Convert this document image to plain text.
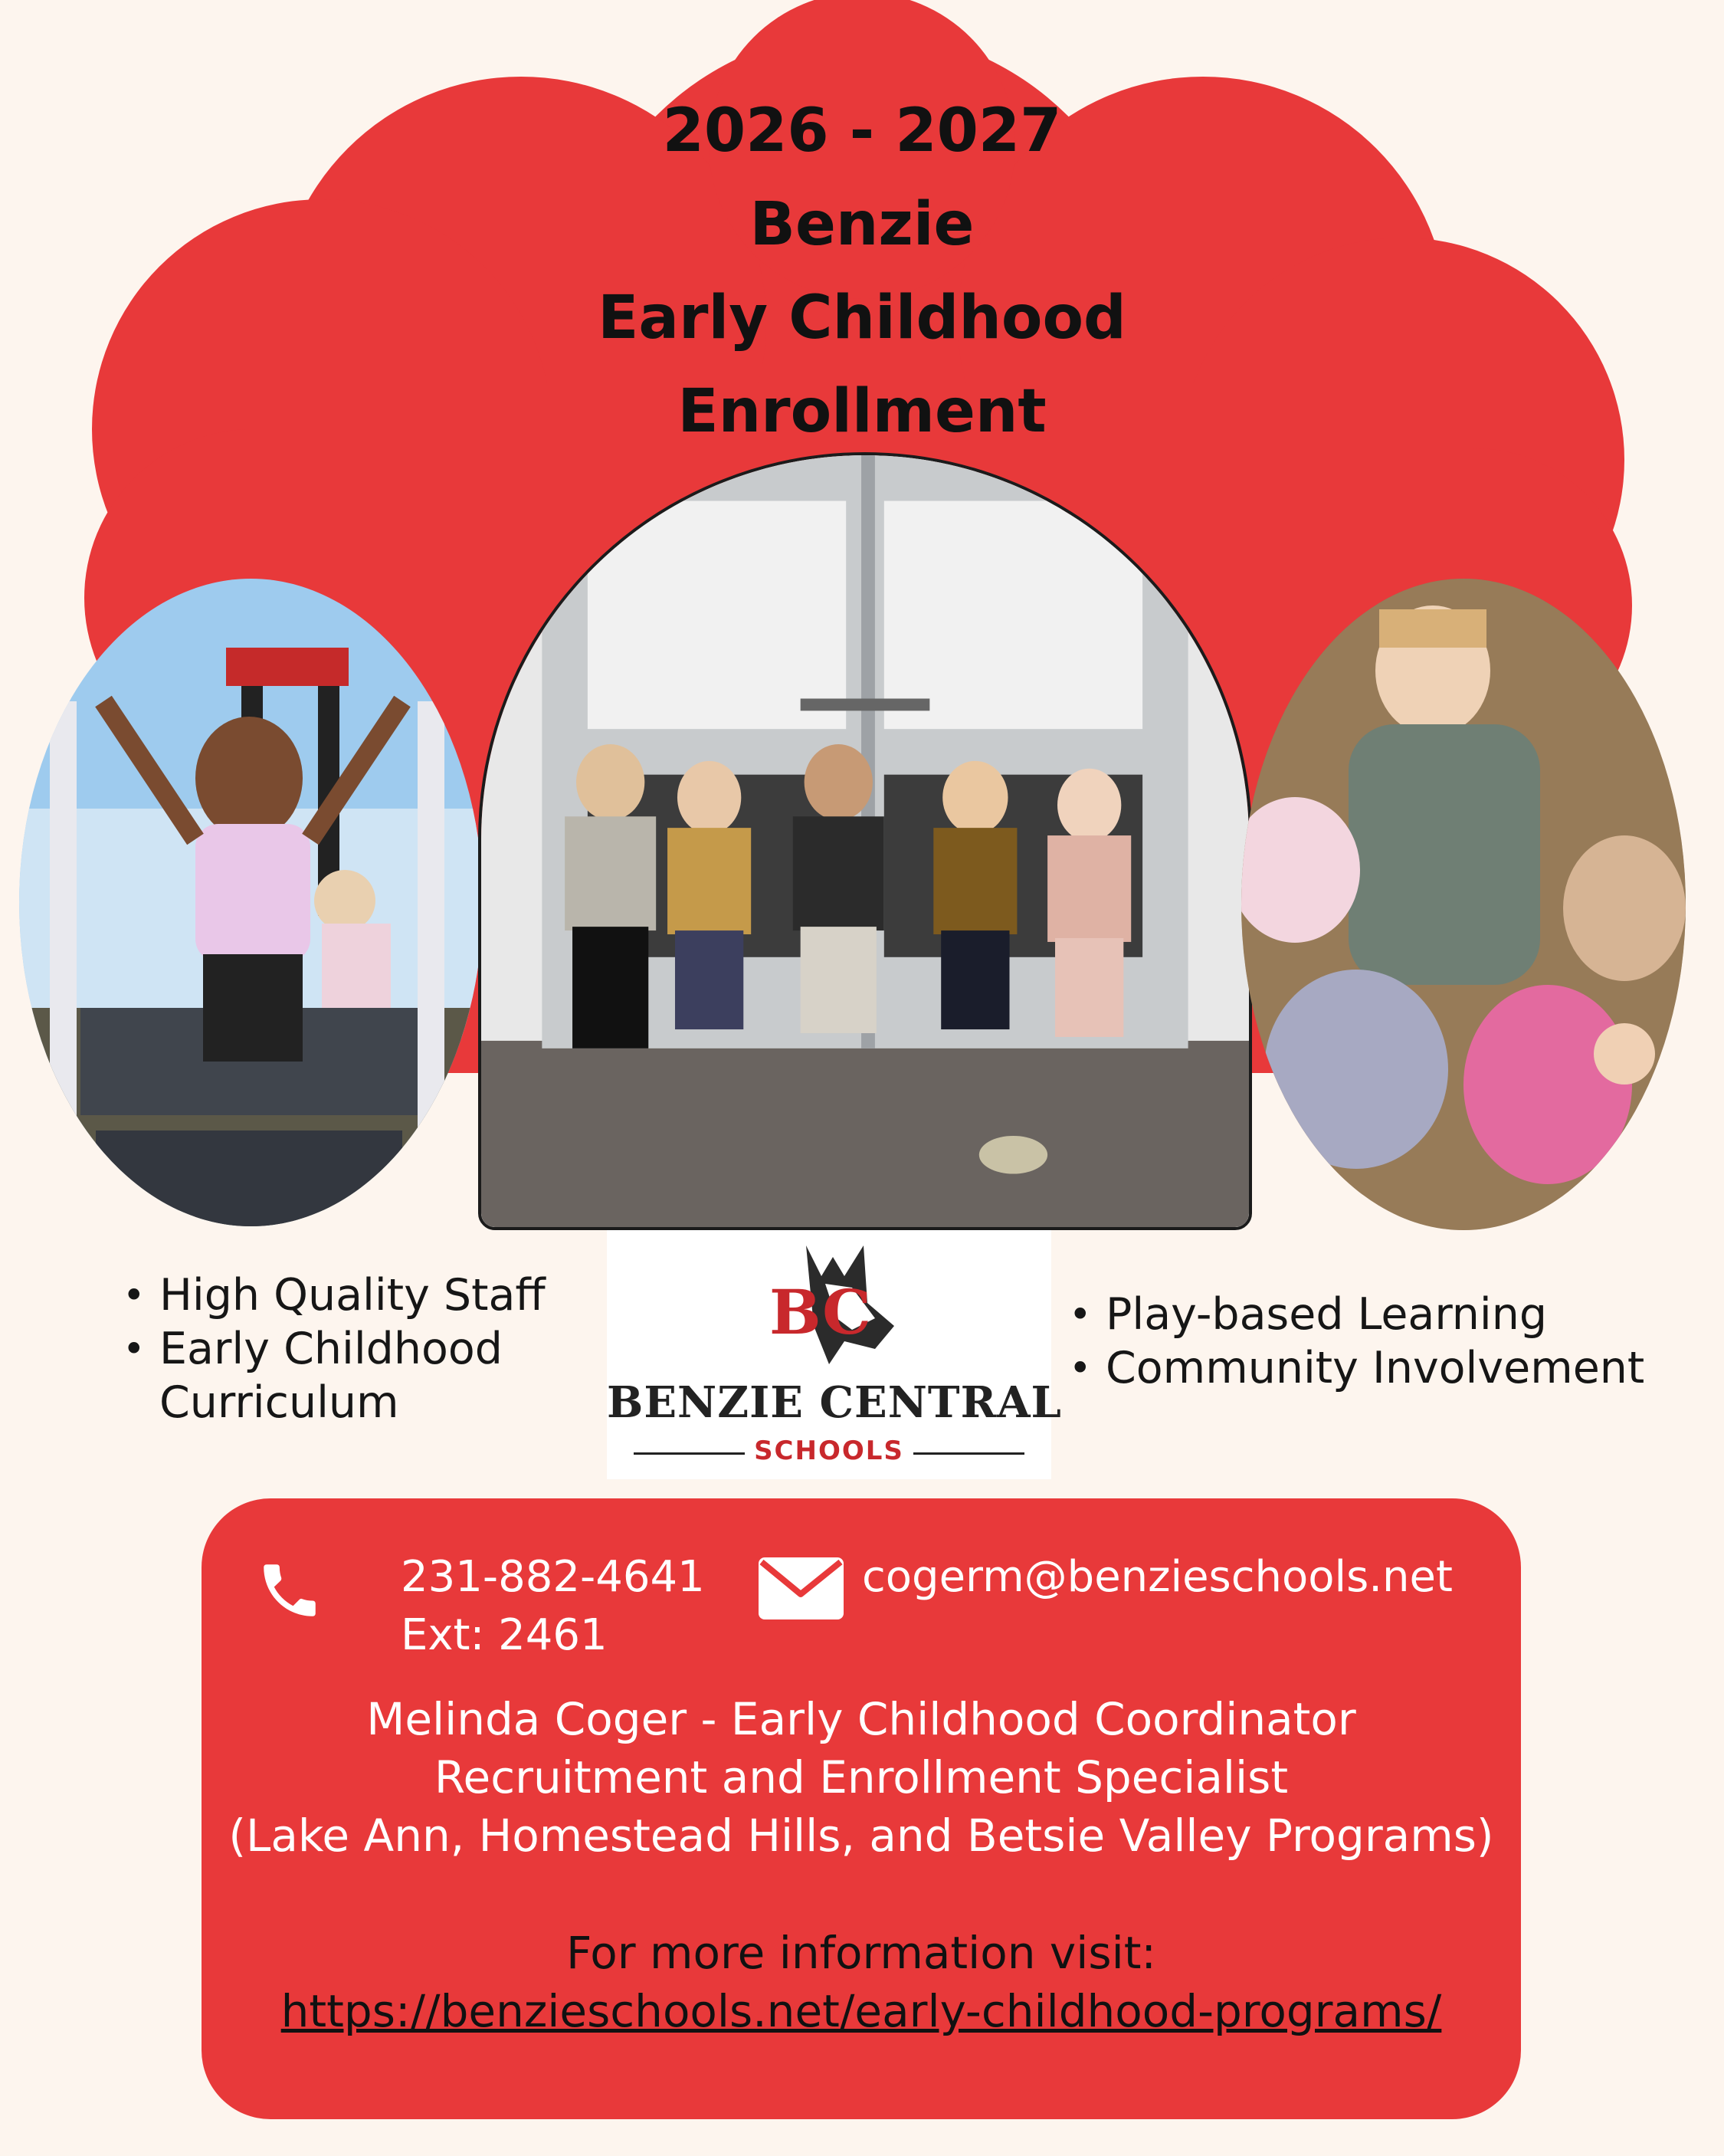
2026 - 2027
Benzie
Early Childhood
Enrollment
• High Quality Staff
• Early Childhood Curriculum
BC
BENZIE CENTRAL
SCHOOLS
• Play-based Learning
• Community Involvement
231-882-4641
Ext: 2461
cogerm@benzieschools.net
Melinda Coger - Early Childhood Coordinator
Recruitment and Enrollment Specialist
(Lake Ann, Homestead Hills, and Betsie Valley Programs)
For more information visit:
https://benzieschools.net/early-childhood-programs/
